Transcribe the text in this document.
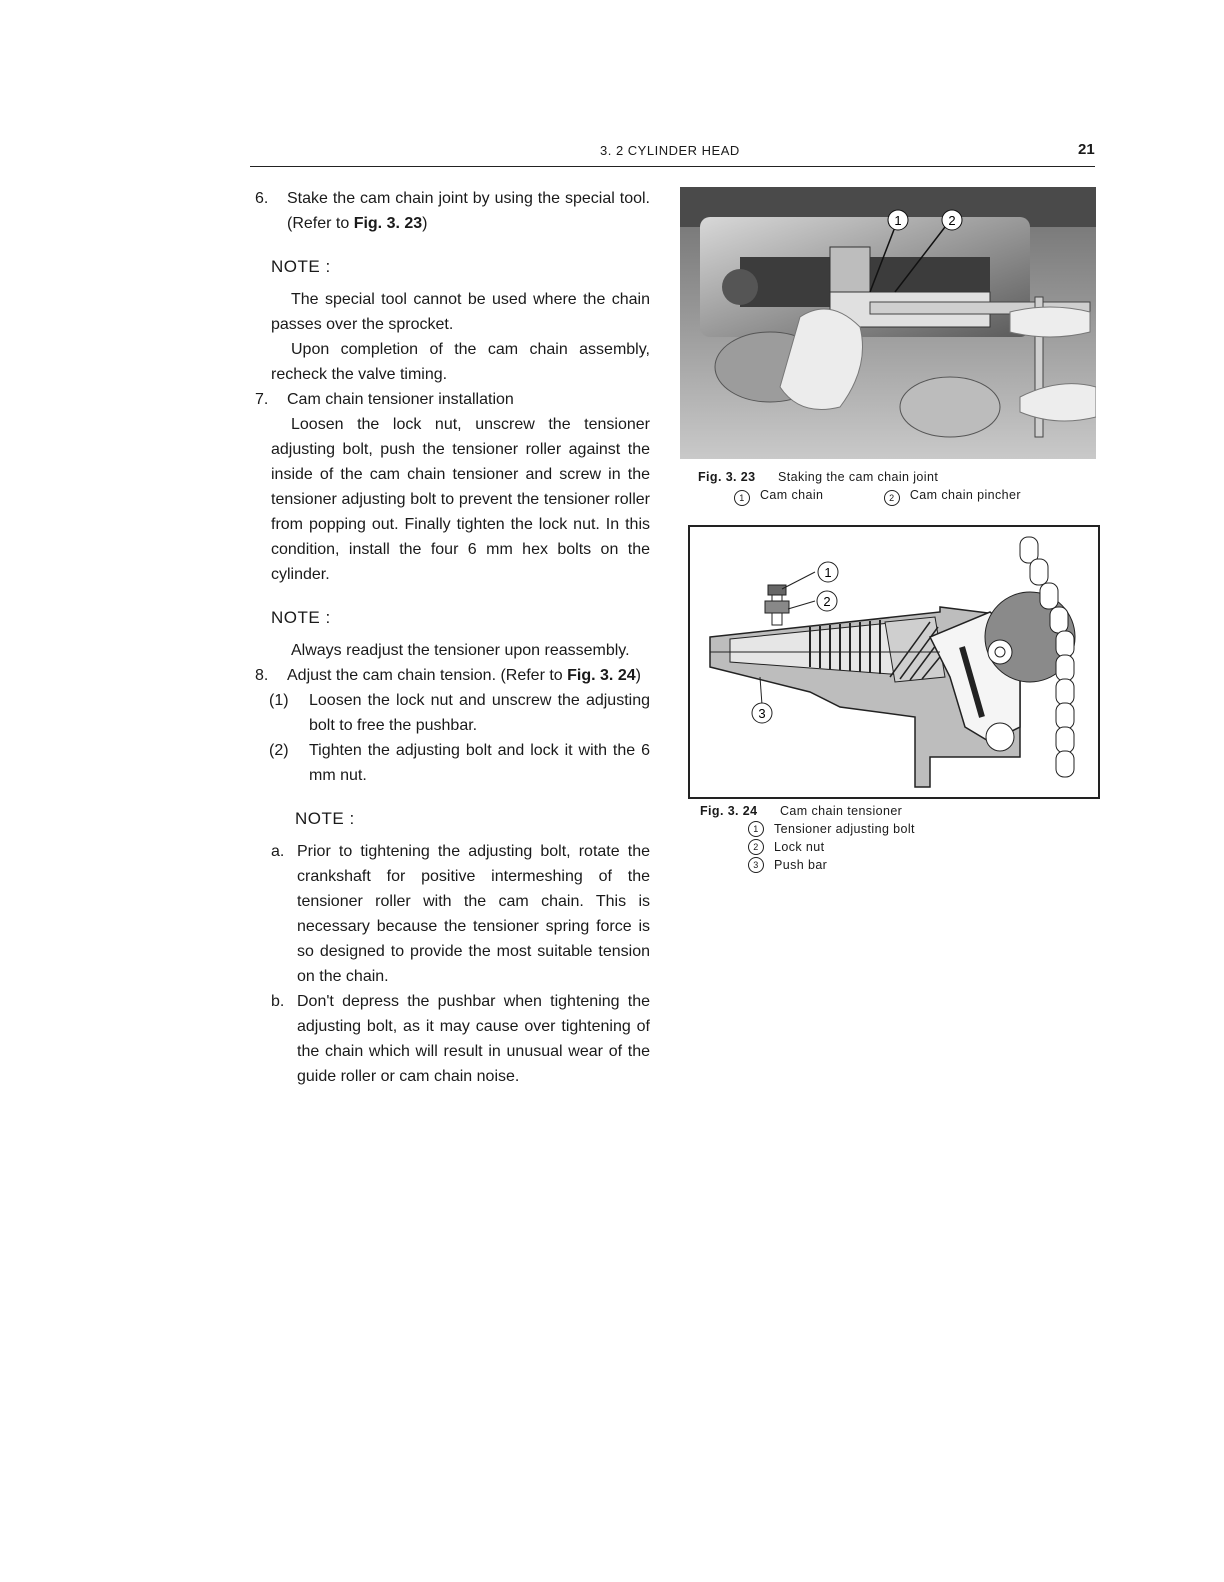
3. 2 CYLINDER HEAD	21
6.	Stake the cam chain joint by using the special tool. (Refer to Fig. 3. 23)

NOTE :

The special tool cannot be used where the chain passes over the sprocket.

Upon completion of the cam chain assembly, recheck the valve timing.

7.	Cam chain tensioner installation

Loosen the lock nut, unscrew the tensioner adjusting bolt, push the tensioner roller against the inside of the cam chain tensioner and screw in the tensioner adjusting bolt to prevent the tensioner roller from popping out. Finally tighten the lock nut. In this condition, install the four 6 mm hex bolts on the cylinder.

NOTE :

Always readjust the tensioner upon reassembly.

8.	Adjust the cam chain tension. (Refer to Fig. 3. 24)

(1)	Loosen the lock nut and unscrew the adjusting bolt to free the pushbar.

(2)	Tighten the adjusting bolt and lock it with the 6 mm nut.

NOTE :
a. Prior to tightening the adjusting bolt, rotate the crankshaft for positive intermeshing of the tensioner roller with the cam chain. This is necessary because the tensioner spring force is so designed to provide the most suitable tension on the chain.

b. Don't depress the pushbar when tightening the adjusting bolt, as it may cause over tightening of the chain which will result in unusual wear of the guide roller or cam chain noise.

1	2
Fig. 3. 23 Staking the cam chain joint
1 Cam chain	2 Cam chain pincher
1
2
3
Fig. 3. 24 Cam chain tensioner
1	Tensioner adjusting bolt
2	Lock nut
3	Push bar
